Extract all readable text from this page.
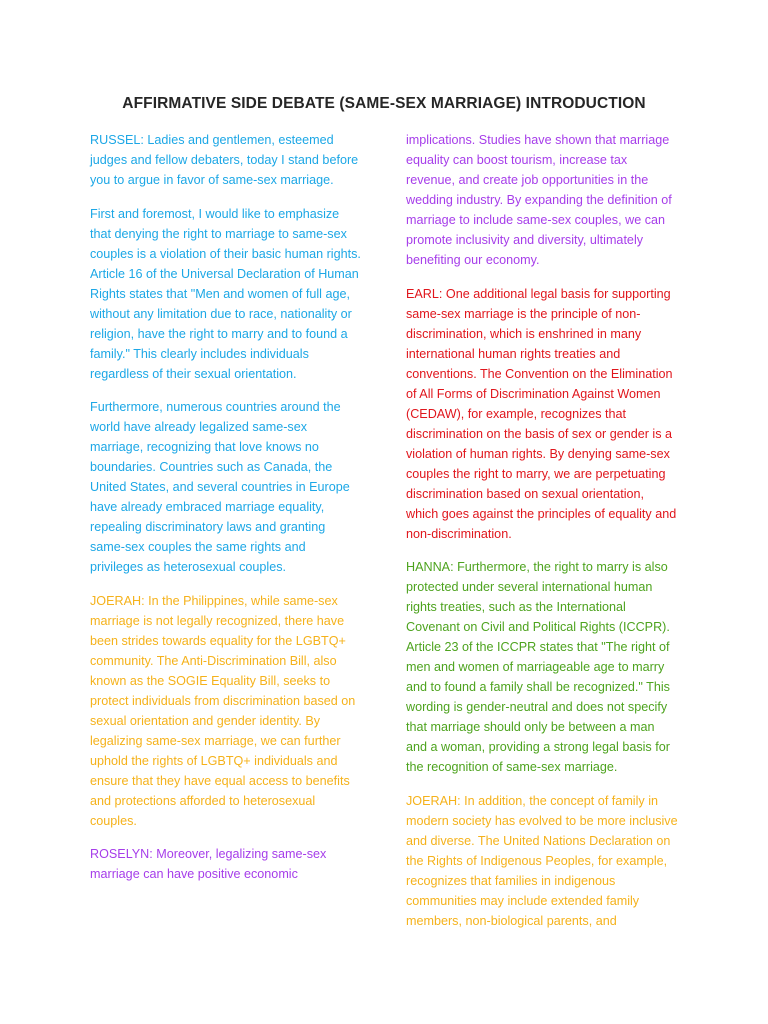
AFFIRMATIVE SIDE DEBATE (SAME-SEX MARRIAGE) INTRODUCTION

RUSSEL: Ladies and gentlemen, esteemed judges and fellow debaters, today I stand before you to argue in favor of same-sex marriage.

First and foremost, I would like to emphasize that denying the right to marriage to same-sex couples is a violation of their basic human rights. Article 16 of the Universal Declaration of Human Rights states that "Men and women of full age, without any limitation due to race, nationality or religion, have the right to marry and to found a family." This clearly includes individuals regardless of their sexual orientation.

Furthermore, numerous countries around the world have already legalized same-sex marriage, recognizing that love knows no boundaries. Countries such as Canada, the United States, and several countries in Europe have already embraced marriage equality, repealing discriminatory laws and granting same-sex couples the same rights and privileges as heterosexual couples.

JOERAH: In the Philippines, while same-sex marriage is not legally recognized, there have been strides towards equality for the LGBTQ+ community. The Anti-Discrimination Bill, also known as the SOGIE Equality Bill, seeks to protect individuals from discrimination based on sexual orientation and gender identity. By legalizing same-sex marriage, we can further uphold the rights of LGBTQ+ individuals and ensure that they have equal access to benefits and protections afforded to heterosexual couples.

ROSELYN: Moreover, legalizing same-sex marriage can have positive economic

implications. Studies have shown that marriage equality can boost tourism, increase tax revenue, and create job opportunities in the wedding industry. By expanding the definition of marriage to include same-sex couples, we can promote inclusivity and diversity, ultimately benefiting our economy.

EARL: One additional legal basis for supporting same-sex marriage is the principle of non-discrimination, which is enshrined in many international human rights treaties and conventions. The Convention on the Elimination of All Forms of Discrimination Against Women (CEDAW), for example, recognizes that discrimination on the basis of sex or gender is a violation of human rights. By denying same-sex couples the right to marry, we are perpetuating discrimination based on sexual orientation, which goes against the principles of equality and non-discrimination.

HANNA: Furthermore, the right to marry is also protected under several international human rights treaties, such as the International Covenant on Civil and Political Rights (ICCPR). Article 23 of the ICCPR states that "The right of men and women of marriageable age to marry and to found a family shall be recognized." This wording is gender-neutral and does not specify that marriage should only be between a man and a woman, providing a strong legal basis for the recognition of same-sex marriage.

JOERAH: In addition, the concept of family in modern society has evolved to be more inclusive and diverse. The United Nations Declaration on the Rights of Indigenous Peoples, for example, recognizes that families in indigenous communities may include extended family members, non-biological parents, and
